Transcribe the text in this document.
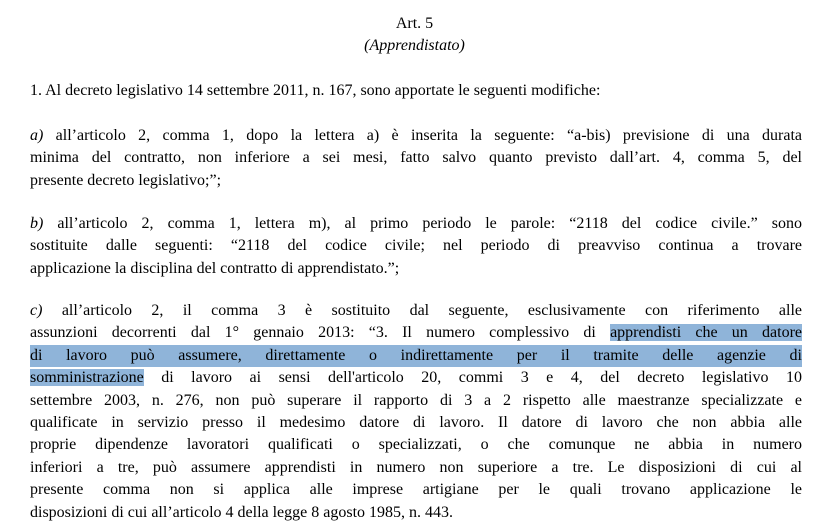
Art. 5
(Apprendistato)
1. Al decreto legislativo 14 settembre 2011, n. 167, sono apportate le seguenti modifiche:
a) all’articolo 2, comma 1, dopo la lettera a) è inserita la seguente: “a-bis) previsione di una durata
minima del contratto, non inferiore a sei mesi, fatto salvo quanto previsto dall’art. 4, comma 5, del
presente decreto legislativo;”;
b) all’articolo 2, comma 1, lettera m), al primo periodo le parole: “2118 del codice civile.” sono
sostituite dalle seguenti: “2118 del codice civile; nel periodo di preavviso continua a trovare
applicazione la disciplina del contratto di apprendistato.”;
c) all’articolo 2, il comma 3 è sostituito dal seguente, esclusivamente con riferimento alle
assunzioni decorrenti dal 1° gennaio 2013: “3. Il numero complessivo di apprendisti che un datore
di lavoro può assumere, direttamente o indirettamente per il tramite delle agenzie di
somministrazione di lavoro ai sensi dell'articolo 20, commi 3 e 4, del decreto legislativo 10
settembre 2003, n. 276, non può superare il rapporto di 3 a 2 rispetto alle maestranze specializzate e
qualificate in servizio presso il medesimo datore di lavoro. Il datore di lavoro che non abbia alle
proprie dipendenze lavoratori qualificati o specializzati, o che comunque ne abbia in numero
inferiori a tre, può assumere apprendisti in numero non superiore a tre. Le disposizioni di cui al
presente comma non si applica alle imprese artigiane per le quali trovano applicazione le
disposizioni di cui all’articolo 4 della legge 8 agosto 1985, n. 443.
